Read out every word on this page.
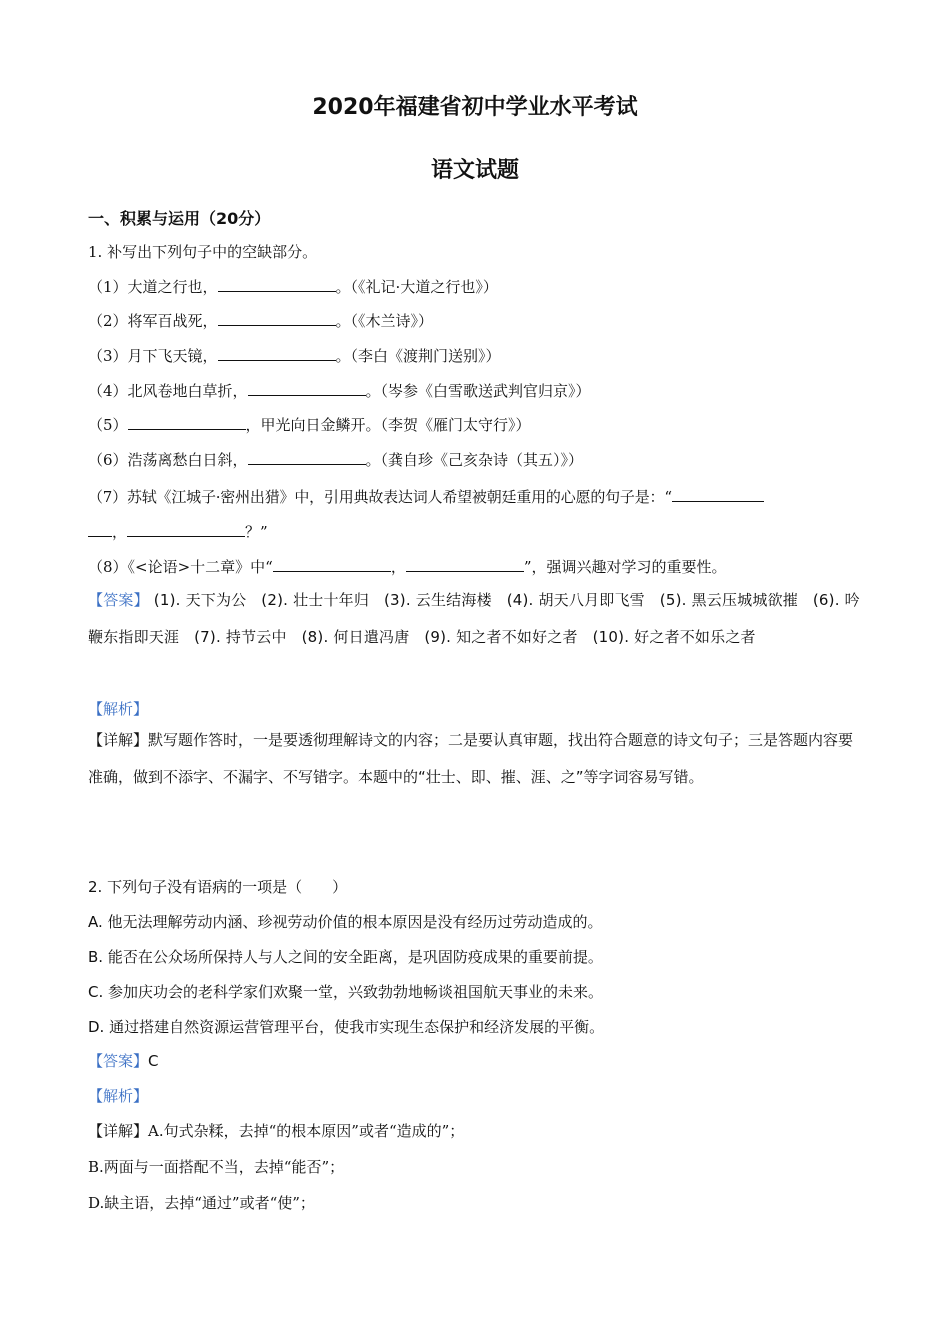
2020年福建省初中学业水平考试
语文试题
一、积累与运用（20分）
1. 补写出下列句子中的空缺部分。
（1）大道之行也，	。（《礼记·大道之行也》）
（2）将军百战死，	。（《木兰诗》）
（3）月下飞天镜，	。（李白《渡荆门送别》）
（4）北风卷地白草折，	。（岑参《白雪歌送武判官归京》）
（5）	，甲光向日金鳞开。（李贺《雁门太守行》）
（6）浩荡离愁白日斜，	。（龚自珍《己亥杂诗（其五）》）
（7）苏轼《江城子·密州出猎》中，引用典故表达词人希望被朝廷重用的心愿的句子是：“
，	？”
（8）《<论语>十二章》中“	，	”，强调兴趣对学习的重要性。
【答案】 (1). 天下为公 (2). 壮士十年归 (3). 云生结海楼 (4). 胡天八月即飞雪 (5). 黑云压城城欲摧 (6). 吟鞭东指即天涯 (7). 持节云中 (8). 何日遣冯唐 (9). 知之者不如好之者 (10). 好之者不如乐之者
【解析】
【详解】默写题作答时，一是要透彻理解诗文的内容；二是要认真审题，找出符合题意的诗文句子；三是答题内容要准确，做到不添字、不漏字、不写错字。本题中的“壮士、即、摧、涯、之”等字词容易写错。
2. 下列句子没有语病的一项是（　　）
A. 他无法理解劳动内涵、珍视劳动价值的根本原因是没有经历过劳动造成的。
B. 能否在公众场所保持人与人之间的安全距离，是巩固防疫成果的重要前提。
C. 参加庆功会的老科学家们欢聚一堂，兴致勃勃地畅谈祖国航天事业的未来。
D. 通过搭建自然资源运营管理平台，使我市实现生态保护和经济发展的平衡。
【答案】C
【解析】
【详解】A.句式杂糅，去掉“的根本原因”或者“造成的”；
B.两面与一面搭配不当，去掉“能否”；
D.缺主语，去掉“通过”或者“使”；
